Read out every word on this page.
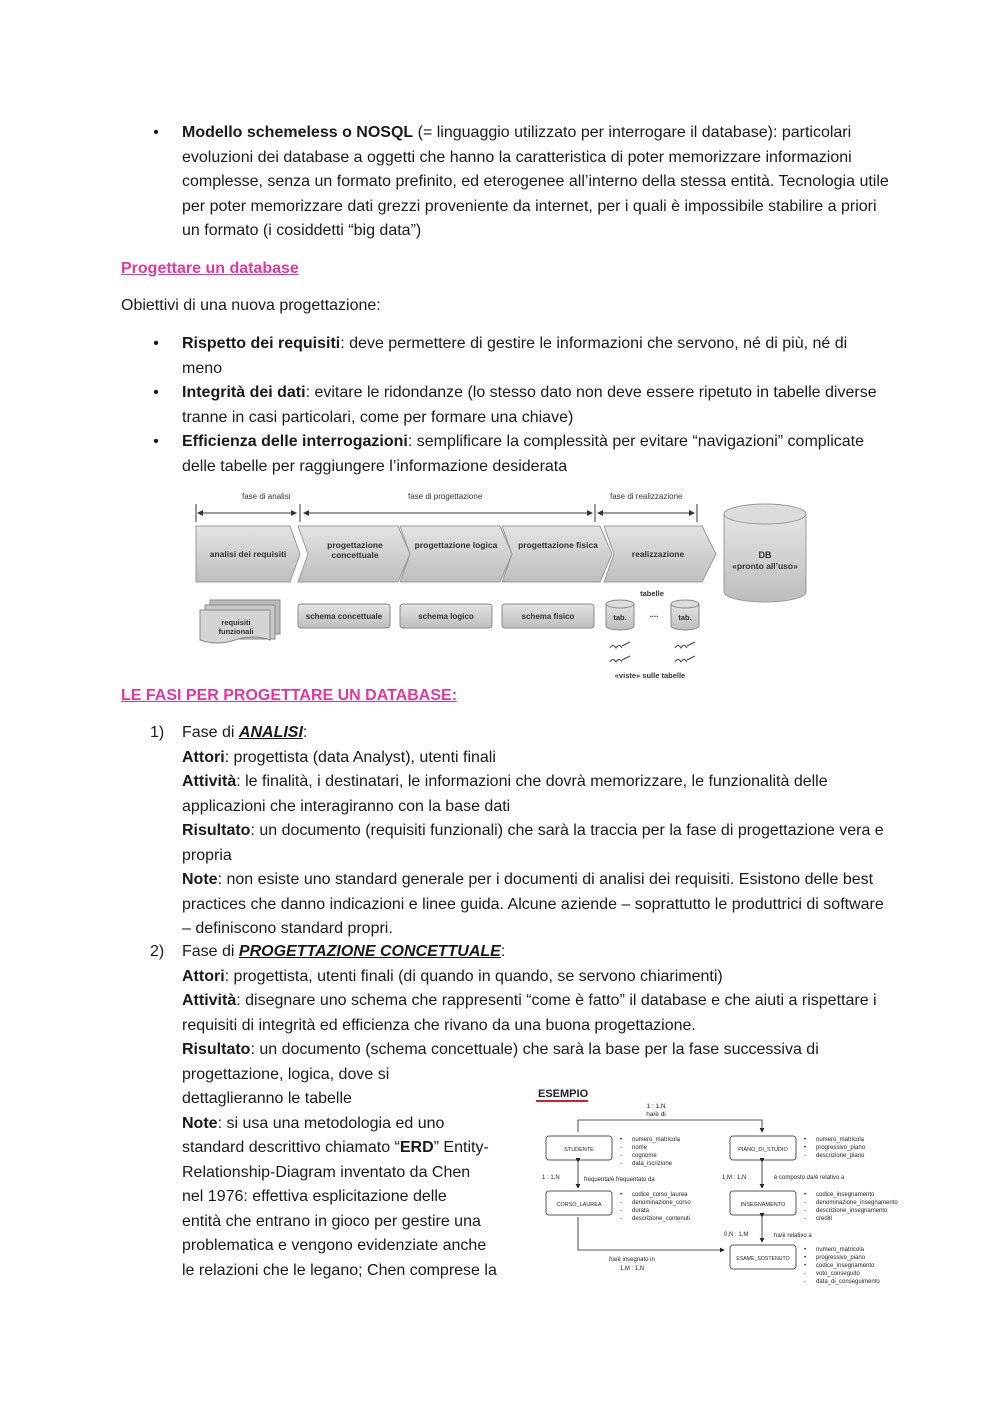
• Modello schemeless o NOSQL (= linguaggio utilizzato per interrogare il database): particolari evoluzioni dei database a oggetti che hanno la caratteristica di poter memorizzare informazioni complesse, senza un formato prefinito, ed eterogenee all’interno della stessa entità. Tecnologia utile per poter memorizzare dati grezzi proveniente da internet, per i quali è impossibile stabilire a priori un formato (i cosiddetti “big data”)
Progettare un database
Obiettivi di una nuova progettazione:
• Rispetto dei requisiti: deve permettere di gestire le informazioni che servono, né di più, né di meno
• Integrità dei dati: evitare le ridondanze (lo stesso dato non deve essere ripetuto in tabelle diverse tranne in casi particolari, come per formare una chiave)
• Efficienza delle interrogazioni: semplificare la complessità per evitare “navigazioni” complicate delle tabelle per raggiungere l’informazione desiderata
fase di analisi	fase di progettazione	fase di realizzazione
analisi dei requisiti
progettazione concettuale
progettazione logica	progettazione fisica
realizzazione	DB
«pronto all’uso»
requisiti
funzionali
schema concettuale	schema logico	schema fisico
tabelle
tab.	....	tab.
«viste» sulle tabelle
LE FASI PER PROGETTARE UN DATABASE:
1) Fase di ANALISI:
Attori: progettista (data Analyst), utenti finali
Attività: le finalità, i destinatari, le informazioni che dovrà memorizzare, le funzionalità delle applicazioni che interagiranno con la base dati
Risultato: un documento (requisiti funzionali) che sarà la traccia per la fase di progettazione vera e propria
Note: non esiste uno standard generale per i documenti di analisi dei requisiti. Esistono delle best practices che danno indicazioni e linee guida. Alcune aziende – soprattutto le produttrici di software – definiscono standard propri.
2) Fase di PROGETTAZIONE CONCETTUALE:
Attori: progettista, utenti finali (di quando in quando, se servono chiarimenti)
Attività: disegnare uno schema che rappresenti “come è fatto” il database e che aiuti a rispettare i requisiti di integrità ed efficienza che rivano da una buona progettazione.
Risultato: un documento (schema concettuale) che sarà la base per la fase successiva di
progettazione, logica, dove si
dettaglieranno le tabelle
Note: si usa una metodologia ed uno
standard descrittivo chiamato “ERD” Entity-
Relationship-Diagram inventato da Chen
nel 1976: effettiva esplicitazione delle
entità che entrano in gioco per gestire una
problematica e vengono evidenziate anche
le relazioni che le legano; Chen comprese la
ESEMPIO
1 : 1,N
ha/è di
STUDENTE
• numero_matricola
- nome
- cognome
- data_iscrizione
PIANO_DI_STUDIO
• numero_matricola
• progressivo_piano
- descrizione_piano
1 : 1,N	frequenta/è frequentato da	1,M : 1,N	è composto da/è relativo a
CORSO_LAUREA
• codice_corso_laurea
- denominazione_corso
- durata
- descrizione_contenuti
INSEGNAMENTO
• codice_insegnamento
- denominazione_insegnamento
- descrizione_insegnamento
- crediti
0,N : 1,M	ha/è relativo a
ESAME_SOSTENUTO
• numero_matricola
• progressivo_piano
• codice_insegnamento
- voto_conseguito
- data_di_conseguimento
ha/è insegnato in
1,M : 1,N
